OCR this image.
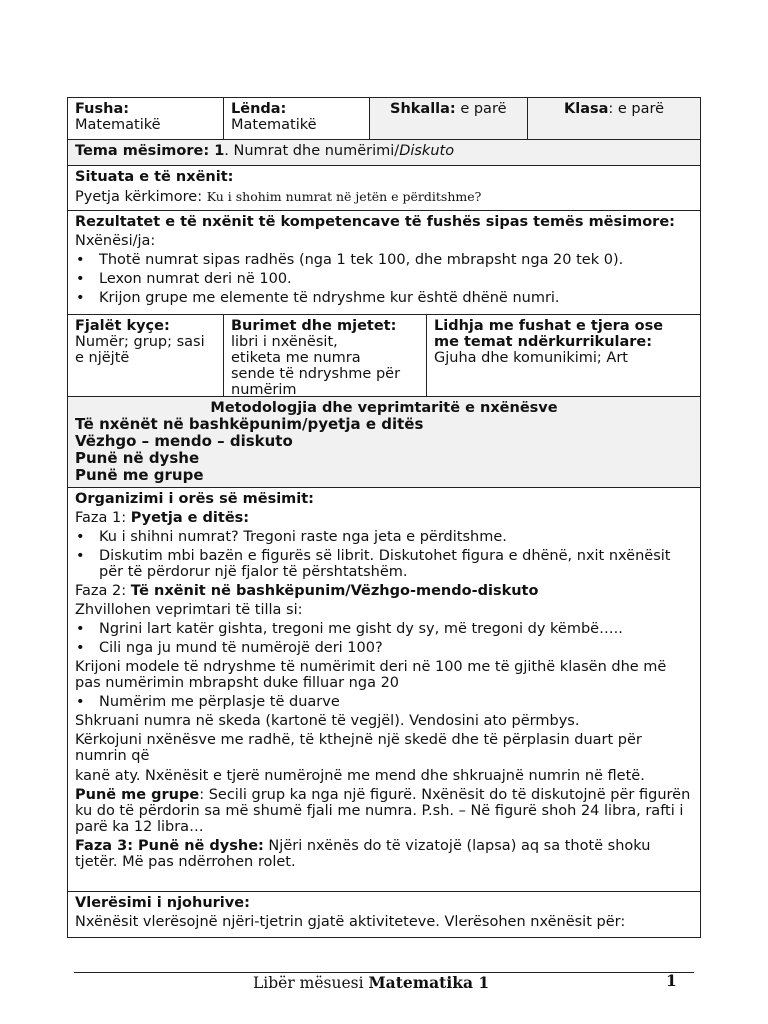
Fusha:
Matematikë
Lënda:
Matematikë
Shkalla: e parë	Klasa: e parë
Tema mësimore: 1. Numrat dhe numërimi/Diskuto
Situata e të nxënit:
Pyetja kërkimore: Ku i shohim numrat në jetën e përditshme?
Rezultatet e të nxënit të kompetencave të fushës sipas temës mësimore:
Nxënësi/ja:
• Thotë numrat sipas radhës (nga 1 tek 100, dhe mbrapsht nga 20 tek 0).
• Lexon numrat deri në 100.
• Krijon grupe me elemente të ndryshme kur është dhënë numri.
Fjalët kyçe:
Numër; grup; sasi e njëjtë
Burimet dhe mjetet:
libri i nxënësit,
etiketa me numra
sende të ndryshme për
numërim
Lidhja me fushat e tjera ose me temat ndërkurrikulare:
Gjuha dhe komunikimi; Art
Metodologjia dhe veprimtaritë e nxënësve
Të nxënët në bashkëpunim/pyetja e ditës
Vëzhgo – mendo – diskuto
Punë në dyshe
Punë me grupe
Organizimi i orës së mësimit:
Faza 1: Pyetja e ditës:
• Ku i shihni numrat? Tregoni raste nga jeta e përditshme.
• Diskutim mbi bazën e figurës së librit. Diskutohet figura e dhënë, nxit nxënësit për të përdorur një fjalor të përshtatshëm.
Faza 2: Të nxënit në bashkëpunim/Vëzhgo-mendo-diskuto
Zhvillohen veprimtari të tilla si:
• Ngrini lart katër gishta, tregoni me gisht dy sy, më tregoni dy këmbë…..
• Cili nga ju mund të numërojë deri 100?
Krijoni modele të ndryshme të numërimit deri në 100 me të gjithë klasën dhe më pas numërimin mbrapsht duke filluar nga 20
• Numërim me përplasje të duarve
Shkruani numra në skeda (kartonë të vegjël). Vendosini ato përmbys.
Kërkojuni nxënësve me radhë, të kthejnë një skedë dhe të përplasin duart për numrin që
kanë aty. Nxënësit e tjerë numërojnë me mend dhe shkruajnë numrin në fletë.
Punë me grupe: Secili grup ka nga një figurë. Nxënësit do të diskutojnë për figurën ku do të përdorin sa më shumë fjali me numra. P.sh. – Në figurë shoh 24 libra, rafti i parë ka 12 libra…
Faza 3: Punë në dyshe: Njëri nxënës do të vizatojë (lapsa) aq sa thotë shoku tjetër. Më pas ndërrohen rolet.
Vlerësimi i njohurive:
Nxënësit vlerësojnë njëri-tjetrin gjatë aktiviteteve. Vlerësohen nxënësit për:
Libër mësuesi Matematika 1	1
